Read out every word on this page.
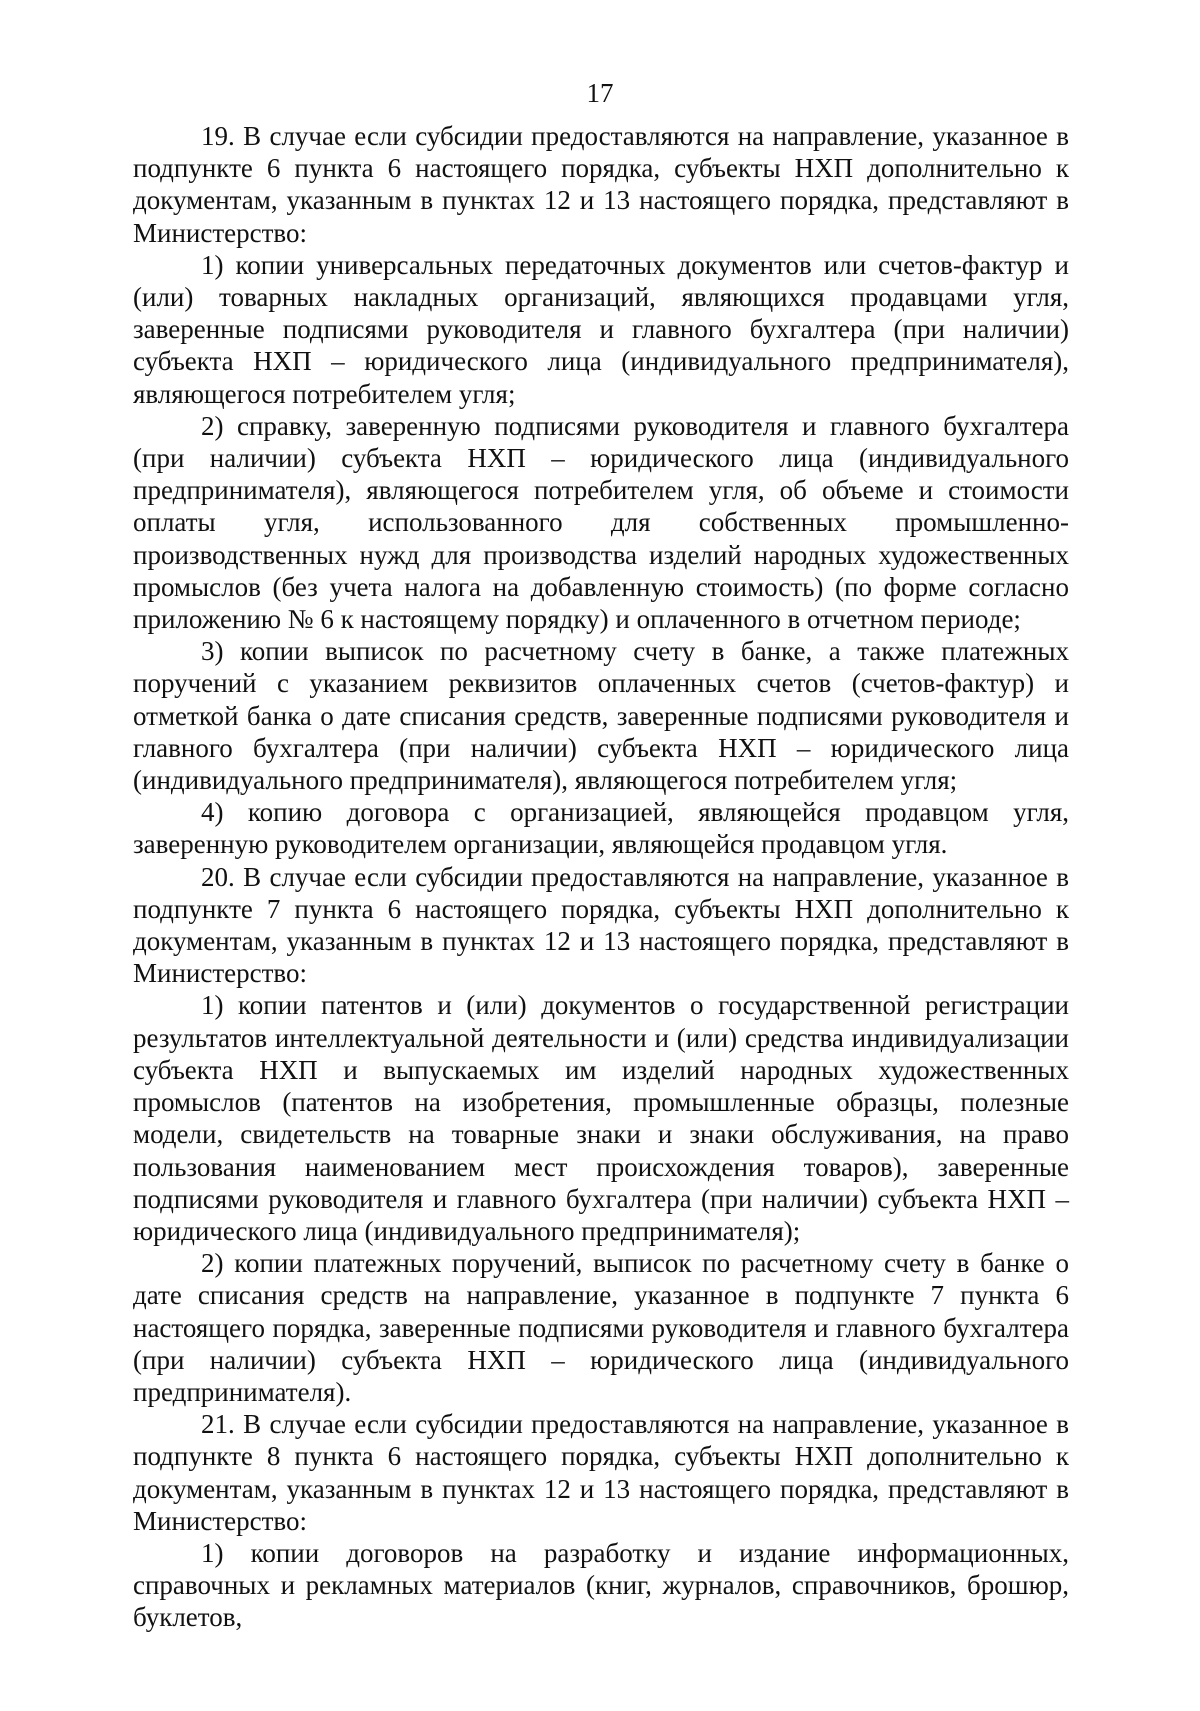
17

19. В случае если субсидии предоставляются на направление, указанное в подпункте 6 пункта 6 настоящего порядка, субъекты НХП дополнительно к документам, указанным в пунктах 12 и 13 настоящего порядка, представляют в Министерство:

1) копии универсальных передаточных документов или счетов-фактур и (или) товарных накладных организаций, являющихся продавцами угля, заверенные подписями руководителя и главного бухгалтера (при наличии) субъекта НХП – юридического лица (индивидуального предпринимателя), являющегося потребителем угля;

2) справку, заверенную подписями руководителя и главного бухгалтера (при наличии) субъекта НХП – юридического лица (индивидуального предпринимателя), являющегося потребителем угля, об объеме и стоимости оплаты угля, использованного для собственных промышленно-производственных нужд для производства изделий народных художественных промыслов (без учета налога на добавленную стоимость) (по форме согласно приложению № 6 к настоящему порядку) и оплаченного в отчетном периоде;

3) копии выписок по расчетному счету в банке, а также платежных поручений с указанием реквизитов оплаченных счетов (счетов-фактур) и отметкой банка о дате списания средств, заверенные подписями руководителя и главного бухгалтера (при наличии) субъекта НХП – юридического лица (индивидуального предпринимателя), являющегося потребителем угля;

4) копию договора с организацией, являющейся продавцом угля, заверенную руководителем организации, являющейся продавцом угля.

20. В случае если субсидии предоставляются на направление, указанное в подпункте 7 пункта 6 настоящего порядка, субъекты НХП дополнительно к документам, указанным в пунктах 12 и 13 настоящего порядка, представляют в Министерство:

1) копии патентов и (или) документов о государственной регистрации результатов интеллектуальной деятельности и (или) средства индивидуализации субъекта НХП и выпускаемых им изделий народных художественных промыслов (патентов на изобретения, промышленные образцы, полезные модели, свидетельств на товарные знаки и знаки обслуживания, на право пользования наименованием мест происхождения товаров), заверенные подписями руководителя и главного бухгалтера (при наличии) субъекта НХП – юридического лица (индивидуального предпринимателя);

2) копии платежных поручений, выписок по расчетному счету в банке о дате списания средств на направление, указанное в подпункте 7 пункта 6 настоящего порядка, заверенные подписями руководителя и главного бухгалтера (при наличии) субъекта НХП – юридического лица (индивидуального предпринимателя).

21. В случае если субсидии предоставляются на направление, указанное в подпункте 8 пункта 6 настоящего порядка, субъекты НХП дополнительно к документам, указанным в пунктах 12 и 13 настоящего порядка, представляют в Министерство:

1) копии договоров на разработку и издание информационных, справочных и рекламных материалов (книг, журналов, справочников, брошюр, буклетов,
